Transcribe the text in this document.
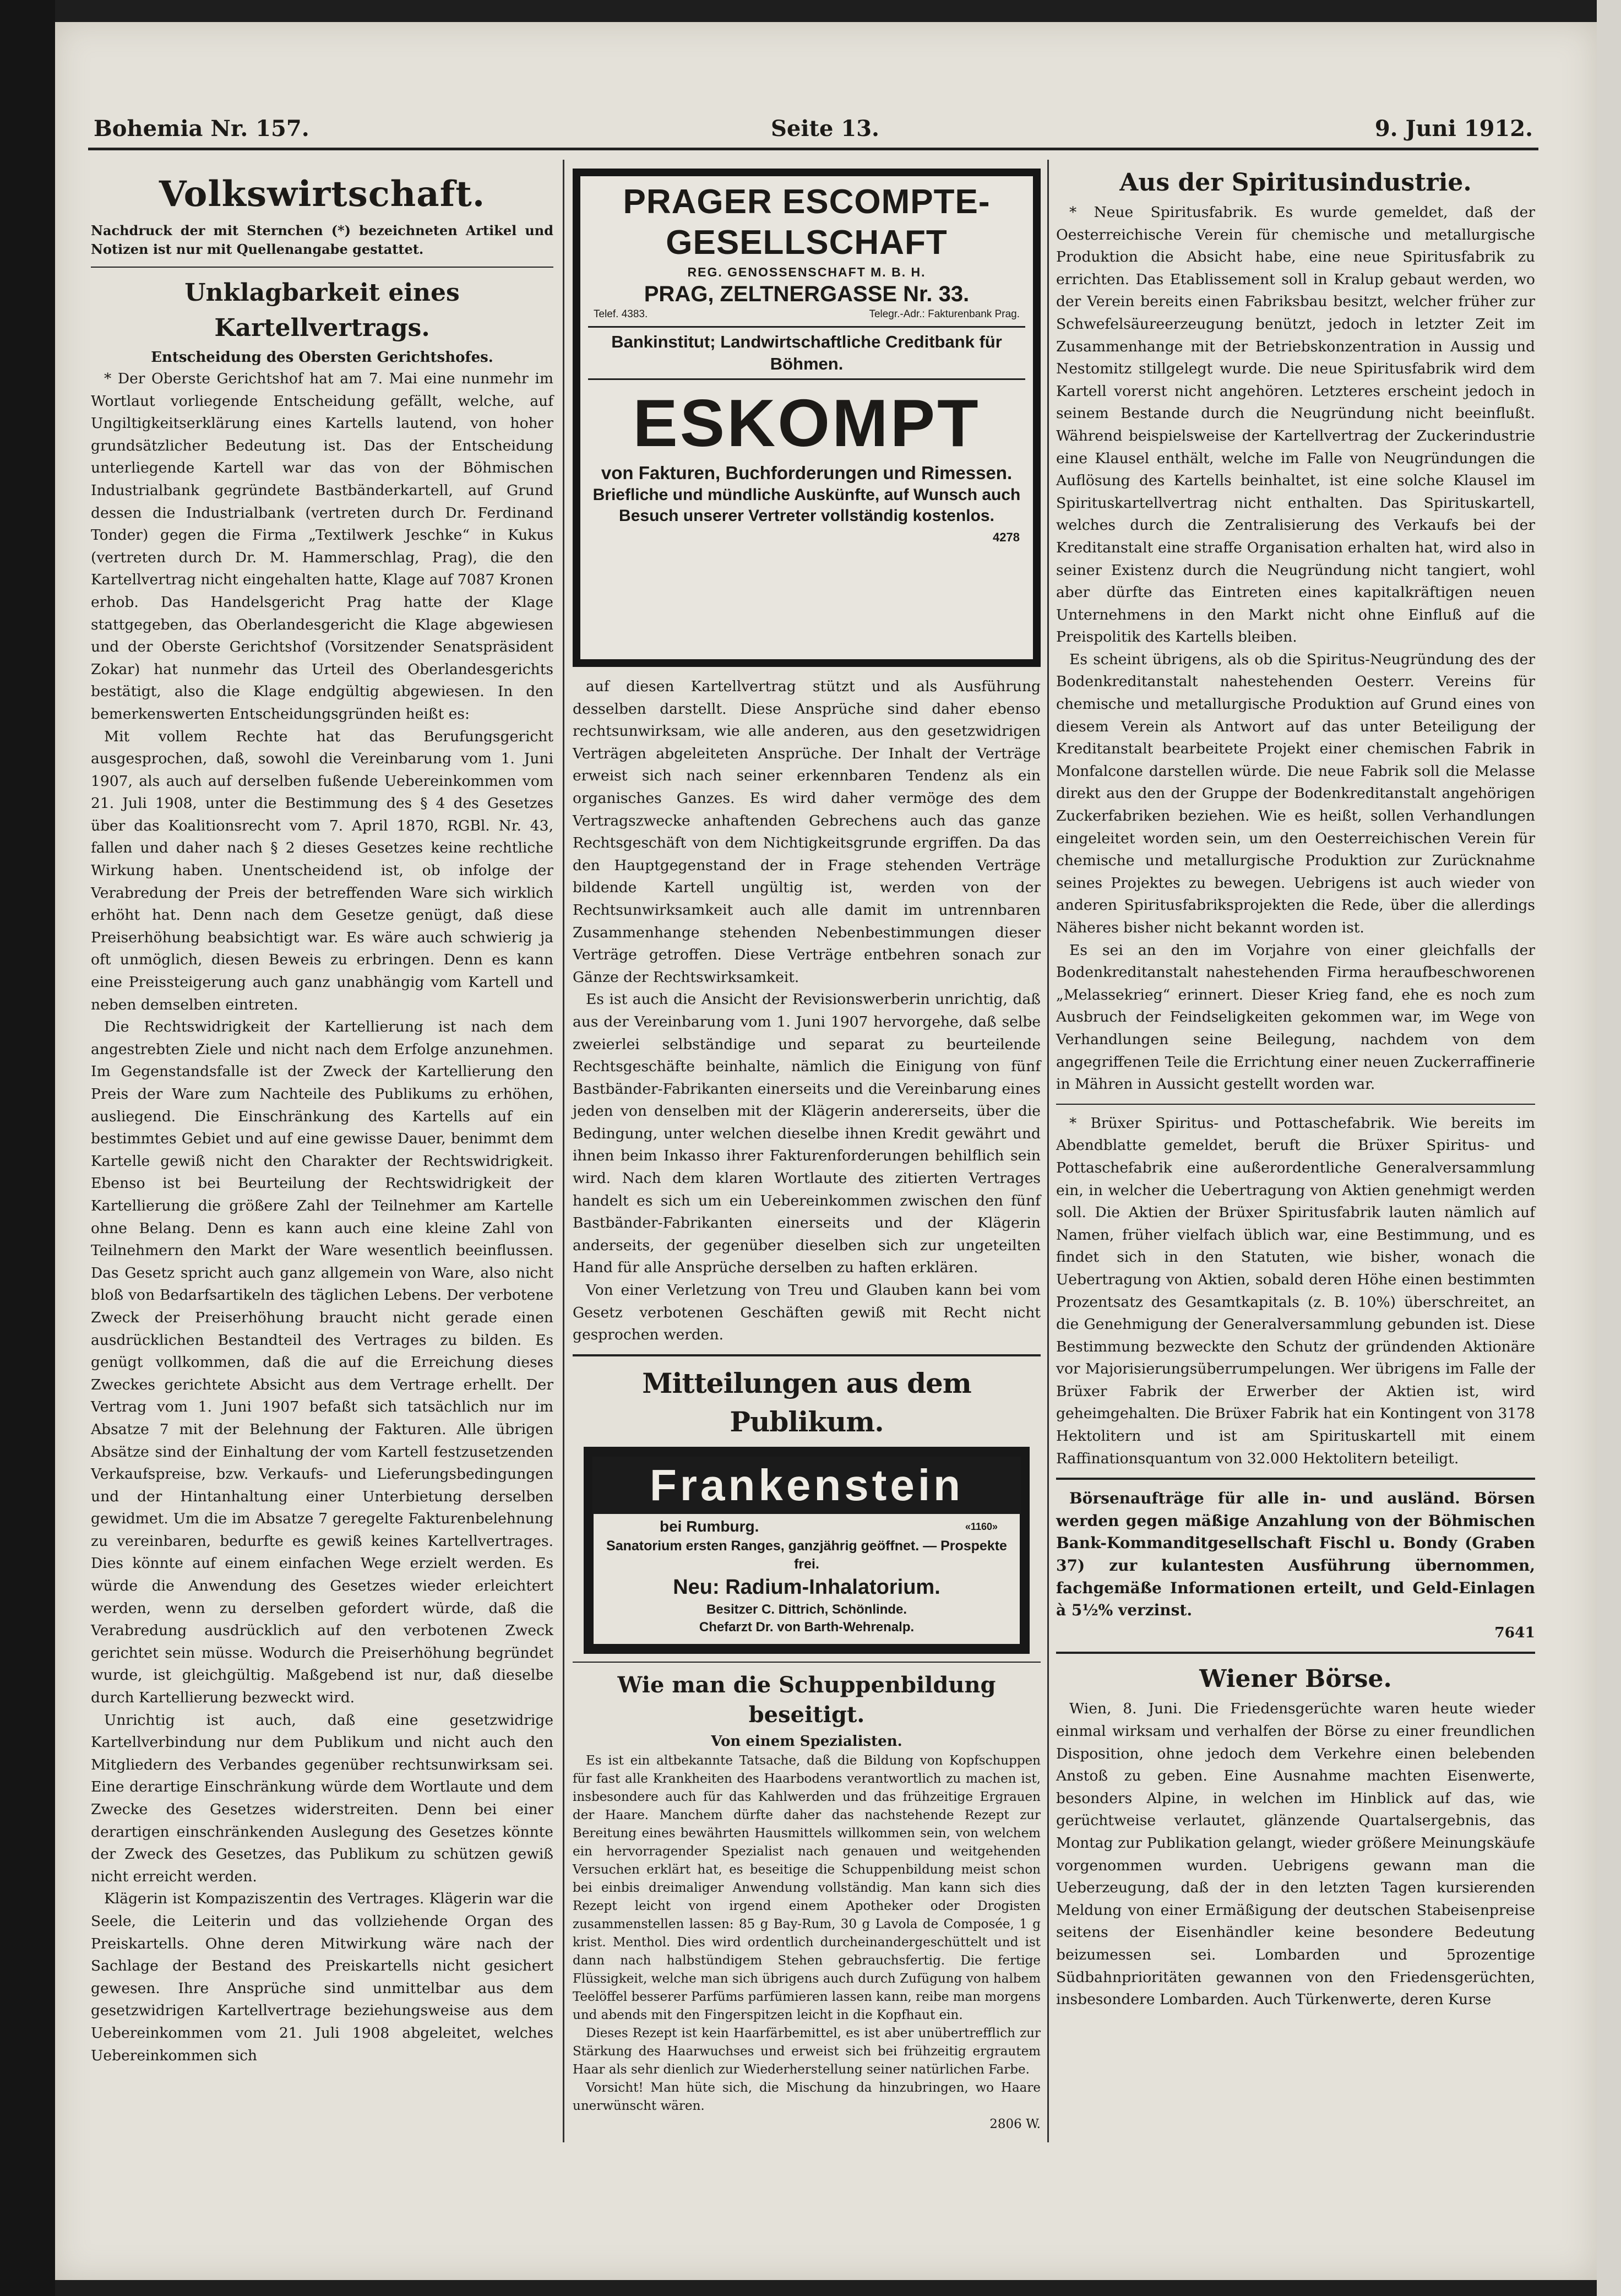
Bohemia Nr. 157.	Seite 13.	9. Juni 1912.
Volkswirtschaft.

Nachdruck der mit Sternchen (*) bezeichneten Artikel und Notizen ist nur mit Quellenangabe gestattet.

Unklagbarkeit eines Kartellvertrags.
Entscheidung des Obersten Gerichtshofes.

* Der Oberste Gerichtshof hat am 7. Mai eine nunmehr im Wortlaut vorliegende Entscheidung gefällt, welche, auf Ungiltigkeitserklärung eines Kartells lautend, von hoher grundsätzlicher Bedeutung ist. Das der Entscheidung unterliegende Kartell war das von der Böhmischen Industrialbank gegründete Bastbänderkartell, auf Grund dessen die Industrialbank (vertreten durch Dr. Ferdinand Tonder) gegen die Firma „Textilwerk Jeschke“ in Kukus (vertreten durch Dr. M. Hammerschlag, Prag), die den Kartellvertrag nicht eingehalten hatte, Klage auf 7087 Kronen erhob. Das Handelsgericht Prag hatte der Klage stattgegeben, das Oberlandesgericht die Klage abgewiesen und der Oberste Gerichtshof (Vorsitzender Senatspräsident Zokar) hat nunmehr das Urteil des Oberlandesgerichts bestätigt, also die Klage endgültig abgewiesen. In den bemerkenswerten Entscheidungsgründen heißt es:

Mit vollem Rechte hat das Berufungsgericht ausgesprochen, daß, sowohl die Vereinbarung vom 1. Juni 1907, als auch auf derselben fußende Uebereinkommen vom 21. Juli 1908, unter die Bestimmung des § 4 des Gesetzes über das Koalitionsrecht vom 7. April 1870, RGBl. Nr. 43, fallen und daher nach § 2 dieses Gesetzes keine rechtliche Wirkung haben. Unentscheidend ist, ob infolge der Verabredung der Preis der betreffenden Ware sich wirklich erhöht hat. Denn nach dem Gesetze genügt, daß diese Preiserhöhung beabsichtigt war. Es wäre auch schwierig ja oft unmöglich, diesen Beweis zu erbringen. Denn es kann eine Preissteigerung auch ganz unabhängig vom Kartell und neben demselben eintreten.

Die Rechtswidrigkeit der Kartellierung ist nach dem angestrebten Ziele und nicht nach dem Erfolge anzunehmen. Im Gegenstandsfalle ist der Zweck der Kartellierung den Preis der Ware zum Nachteile des Publikums zu erhöhen, ausliegend. Die Einschränkung des Kartells auf ein bestimmtes Gebiet und auf eine gewisse Dauer, benimmt dem Kartelle gewiß nicht den Charakter der Rechtswidrigkeit. Ebenso ist bei Beurteilung der Rechtswidrigkeit der Kartellierung die größere Zahl der Teilnehmer am Kartelle ohne Belang. Denn es kann auch eine kleine Zahl von Teilnehmern den Markt der Ware wesentlich beeinflussen. Das Gesetz spricht auch ganz allgemein von Ware, also nicht bloß von Bedarfsartikeln des täglichen Lebens. Der verbotene Zweck der Preiserhöhung braucht nicht gerade einen ausdrücklichen Bestandteil des Vertrages zu bilden. Es genügt vollkommen, daß die auf die Erreichung dieses Zweckes gerichtete Absicht aus dem Vertrage erhellt. Der Vertrag vom 1. Juni 1907 befaßt sich tatsächlich nur im Absatze 7 mit der Belehnung der Fakturen. Alle übrigen Absätze sind der Einhaltung der vom Kartell festzusetzenden Verkaufspreise, bzw. Verkaufs- und Lieferungsbedingungen und der Hintanhaltung einer Unterbietung derselben gewidmet. Um die im Absatze 7 geregelte Fakturenbelehnung zu vereinbaren, bedurfte es gewiß keines Kartellvertrages. Dies könnte auf einem einfachen Wege erzielt werden. Es würde die Anwendung des Gesetzes wieder erleichtert werden, wenn zu derselben gefordert würde, daß die Verabredung ausdrücklich auf den verbotenen Zweck gerichtet sein müsse. Wodurch die Preiserhöhung begründet wurde, ist gleichgültig. Maßgebend ist nur, daß dieselbe durch Kartellierung bezweckt wird.

Unrichtig ist auch, daß eine gesetzwidrige Kartellverbindung nur dem Publikum und nicht auch den Mitgliedern des Verbandes gegenüber rechtsunwirksam sei. Eine derartige Einschränkung würde dem Wortlaute und dem Zwecke des Gesetzes widerstreiten. Denn bei einer derartigen einschränkenden Auslegung des Gesetzes könnte der Zweck des Gesetzes, das Publikum zu schützen gewiß nicht erreicht werden.

Klägerin ist Kompaziszentin des Vertrages. Klägerin war die Seele, die Leiterin und das vollziehende Organ des Preiskartells. Ohne deren Mitwirkung wäre nach der Sachlage der Bestand des Preiskartells nicht gesichert gewesen. Ihre Ansprüche sind unmittelbar aus dem gesetzwidrigen Kartellvertrage beziehungsweise aus dem Uebereinkommen vom 21. Juli 1908 abgeleitet, welches Uebereinkommen sich

PRAGER ESCOMPTE-GESELLSCHAFT
REG. GENOSSENSCHAFT M. B. H.
PRAG, ZELTNERGASSE Nr. 33.
Telef. 4383.	Telegr.-Adr.: Fakturenbank Prag.
Bankinstitut; Landwirtschaftliche Creditbank für Böhmen.
ESKOMPT
von Fakturen, Buchforderungen und Rimessen.
Briefliche und mündliche Auskünfte, auf Wunsch auch Besuch unserer Vertreter vollständig kostenlos.
4278

auf diesen Kartellvertrag stützt und als Ausführung desselben darstellt. Diese Ansprüche sind daher ebenso rechtsunwirksam, wie alle anderen, aus den gesetzwidrigen Verträgen abgeleiteten Ansprüche. Der Inhalt der Verträge erweist sich nach seiner erkennbaren Tendenz als ein organisches Ganzes. Es wird daher vermöge des dem Vertragszwecke anhaftenden Gebrechens auch das ganze Rechtsgeschäft von dem Nichtigkeitsgrunde ergriffen. Da das den Hauptgegenstand der in Frage stehenden Verträge bildende Kartell ungültig ist, werden von der Rechtsunwirksamkeit auch alle damit im untrennbaren Zusammenhange stehenden Nebenbestimmungen dieser Verträge getroffen. Diese Verträge entbehren sonach zur Gänze der Rechtswirksamkeit.

Es ist auch die Ansicht der Revisionswerberin unrichtig, daß aus der Vereinbarung vom 1. Juni 1907 hervorgehe, daß selbe zweierlei selbständige und separat zu beurteilende Rechtsgeschäfte beinhalte, nämlich die Einigung von fünf Bastbänder-Fabrikanten einerseits und die Vereinbarung eines jeden von denselben mit der Klägerin andererseits, über die Bedingung, unter welchen dieselbe ihnen Kredit gewährt und ihnen beim Inkasso ihrer Fakturenforderungen behilflich sein wird. Nach dem klaren Wortlaute des zitierten Vertrages handelt es sich um ein Uebereinkommen zwischen den fünf Bastbänder-Fabrikanten einerseits und der Klägerin anderseits, der gegenüber dieselben sich zur ungeteilten Hand für alle Ansprüche derselben zu haften erklären.

Von einer Verletzung von Treu und Glauben kann bei vom Gesetz verbotenen Geschäften gewiß mit Recht nicht gesprochen werden.

Mitteilungen aus dem Publikum.
Frankenstein
bei Rumburg.	«1160»
Sanatorium ersten Ranges, ganzjährig geöffnet. — Prospekte frei.
Neu: Radium-Inhalatorium.
Besitzer C. Dittrich, Schönlinde.
Chefarzt Dr. von Barth-Wehrenalp.
Wie man die Schuppenbildung beseitigt.
Von einem Spezialisten.

Es ist ein altbekannte Tatsache, daß die Bildung von Kopfschuppen für fast alle Krankheiten des Haarbodens verantwortlich zu machen ist, insbesondere auch für das Kahlwerden und das frühzeitige Ergrauen der Haare. Manchem dürfte daher das nachstehende Rezept zur Bereitung eines bewährten Hausmittels willkommen sein, von welchem ein hervorragender Spezialist nach genauen und weitgehenden Versuchen erklärt hat, es beseitige die Schuppenbildung meist schon bei einbis dreimaliger Anwendung vollständig. Man kann sich dies Rezept leicht von irgend einem Apotheker oder Drogisten zusammenstellen lassen: 85 g Bay-Rum, 30 g Lavola de Composée, 1 g krist. Menthol. Dies wird ordentlich durcheinandergeschüttelt und ist dann nach halbstündigem Stehen gebrauchsfertig. Die fertige Flüssigkeit, welche man sich übrigens auch durch Zufügung von halbem Teelöffel besserer Parfüms parfümieren lassen kann, reibe man morgens und abends mit den Fingerspitzen leicht in die Kopfhaut ein.

Dieses Rezept ist kein Haarfärbemittel, es ist aber unübertrefflich zur Stärkung des Haarwuchses und erweist sich bei frühzeitig ergrautem Haar als sehr dienlich zur Wiederherstellung seiner natürlichen Farbe.

Vorsicht! Man hüte sich, die Mischung da hinzubringen, wo Haare unerwünscht wären.

2806 W.

Aus der Spiritusindustrie.

* Neue Spiritusfabrik. Es wurde gemeldet, daß der Oesterreichische Verein für chemische und metallurgische Produktion die Absicht habe, eine neue Spiritusfabrik zu errichten. Das Etablissement soll in Kralup gebaut werden, wo der Verein bereits einen Fabriksbau besitzt, welcher früher zur Schwefelsäureerzeugung benützt, jedoch in letzter Zeit im Zusammenhange mit der Betriebskonzentration in Aussig und Nestomitz stillgelegt wurde. Die neue Spiritusfabrik wird dem Kartell vorerst nicht angehören. Letzteres erscheint jedoch in seinem Bestande durch die Neugründung nicht beeinflußt. Während beispielsweise der Kartellvertrag der Zuckerindustrie eine Klausel enthält, welche im Falle von Neugründungen die Auflösung des Kartells beinhaltet, ist eine solche Klausel im Spirituskartellvertrag nicht enthalten. Das Spirituskartell, welches durch die Zentralisierung des Verkaufs bei der Kreditanstalt eine straffe Organisation erhalten hat, wird also in seiner Existenz durch die Neugründung nicht tangiert, wohl aber dürfte das Eintreten eines kapitalkräftigen neuen Unternehmens in den Markt nicht ohne Einfluß auf die Preispolitik des Kartells bleiben.

Es scheint übrigens, als ob die Spiritus-Neugründung des der Bodenkreditanstalt nahestehenden Oesterr. Vereins für chemische und metallurgische Produktion auf Grund eines von diesem Verein als Antwort auf das unter Beteiligung der Kreditanstalt bearbeitete Projekt einer chemischen Fabrik in Monfalcone darstellen würde. Die neue Fabrik soll die Melasse direkt aus den der Gruppe der Bodenkreditanstalt angehörigen Zuckerfabriken beziehen. Wie es heißt, sollen Verhandlungen eingeleitet worden sein, um den Oesterreichischen Verein für chemische und metallurgische Produktion zur Zurücknahme seines Projektes zu bewegen. Uebrigens ist auch wieder von anderen Spiritusfabriksprojekten die Rede, über die allerdings Näheres bisher nicht bekannt worden ist.

Es sei an den im Vorjahre von einer gleichfalls der Bodenkreditanstalt nahestehenden Firma heraufbeschworenen „Melassekrieg“ erinnert. Dieser Krieg fand, ehe es noch zum Ausbruch der Feindseligkeiten gekommen war, im Wege von Verhandlungen seine Beilegung, nachdem von dem angegriffenen Teile die Errichtung einer neuen Zuckerraffinerie in Mähren in Aussicht gestellt worden war.

* Brüxer Spiritus- und Pottaschefabrik. Wie bereits im Abendblatte gemeldet, beruft die Brüxer Spiritus- und Pottaschefabrik eine außerordentliche Generalversammlung ein, in welcher die Uebertragung von Aktien genehmigt werden soll. Die Aktien der Brüxer Spiritusfabrik lauten nämlich auf Namen, früher vielfach üblich war, eine Bestimmung, und es findet sich in den Statuten, wie bisher, wonach die Uebertragung von Aktien, sobald deren Höhe einen bestimmten Prozentsatz des Gesamtkapitals (z. B. 10%) überschreitet, an die Genehmigung der Generalversammlung gebunden ist. Diese Bestimmung bezweckte den Schutz der gründenden Aktionäre vor Majorisierungsüberrumpelungen. Wer übrigens im Falle der Brüxer Fabrik der Erwerber der Aktien ist, wird geheimgehalten. Die Brüxer Fabrik hat ein Kontingent von 3178 Hektolitern und ist am Spirituskartell mit einem Raffinationsquantum von 32.000 Hektolitern beteiligt.

Börsenaufträge für alle in- und ausländ. Börsen werden gegen mäßige Anzahlung von der Böhmischen Bank-Kommanditgesellschaft Fischl u. Bondy (Graben 37) zur kulantesten Ausführung übernommen, fachgemäße Informationen erteilt, und Geld-Einlagen à 5½% verzinst.

7641

Wiener Börse.

Wien, 8. Juni. Die Friedensgerüchte waren heute wieder einmal wirksam und verhalfen der Börse zu einer freundlichen Disposition, ohne jedoch dem Verkehre einen belebenden Anstoß zu geben. Eine Ausnahme machten Eisenwerte, besonders Alpine, in welchen im Hinblick auf das, wie gerüchtweise verlautet, glänzende Quartalsergebnis, das Montag zur Publikation gelangt, wieder größere Meinungskäufe vorgenommen wurden. Uebrigens gewann man die Ueberzeugung, daß der in den letzten Tagen kursierenden Meldung von einer Ermäßigung der deutschen Stabeisenpreise seitens der Eisenhändler keine besondere Bedeutung beizumessen sei. Lombarden und 5prozentige Südbahnprioritäten gewannen von den Friedensgerüchten, insbesondere Lombarden. Auch Türkenwerte, deren Kurse
